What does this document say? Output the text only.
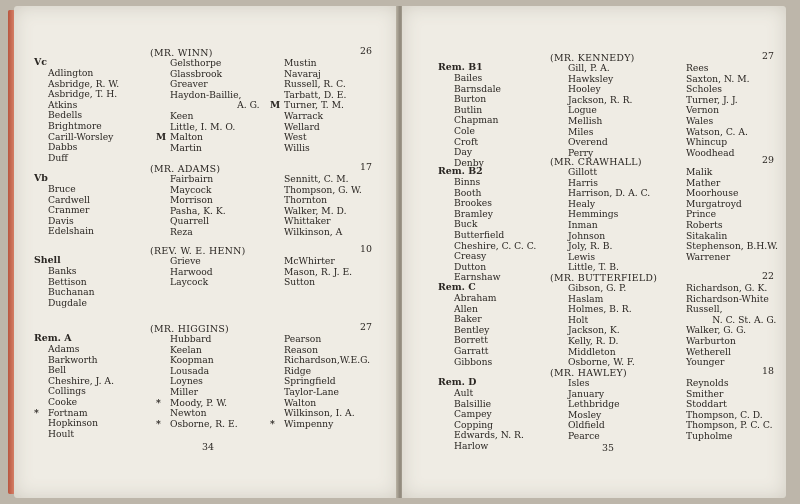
34
Vc
(MR. WINN)	26
Adlington
Asbridge, R. W.
Asbridge, T. H.
Atkins
Bedells
Brightmore
Carill-Worsley
Dabbs
Duff
Gelsthorpe
Glassbrook
Greaver
Haydon-Baillie,
A. G.
Keen
Little, I. M. O.
Malton
M
Martin
Mustin
Navaraj
Russell, R. C.
Tarbatt, D. E.
Turner, T. M.
M
Warrack
Wellard
West
Willis
Vb
(MR. ADAMS)	17
Bruce
Cardwell
Cranmer
Davis
Edelshain
Fairbairn
Maycock
Morrison
Pasha, K. K.
Quarrell
Reza
Sennitt, C. M.
Thompson, G. W.
Thornton
Walker, M. D.
Whittaker
Wilkinson, A
Shell
(REV. W. E. HENN)	10
Banks
Bettison
Buchanan
Dugdale
Grieve
Harwood
Laycock
McWhirter
Mason, R. J. E.
Sutton
Rem. A
(MR. HIGGINS)	27
Adams
Barkworth
Bell
Cheshire, J. A.
Collings
Cooke
Fortnam
*
Hopkinson
Hoult
Hubbard
Keelan
Koopman
Lousada
Loynes
Miller
Moody, P. W.
*
Newton
Osborne, R. E.
*
Pearson
Reason
Richardson,W.E.G.
Ridge
Springfield
Taylor-Lane
Walton
Wilkinson, I. A.
Wimpenny
*
35
Rem. B1
(MR. KENNEDY)	27
Bailes
Barnsdale
Burton
Butlin
Chapman
Cole
Croft
Day
Denby
Gill, P. A.
Hawksley
Hooley
Jackson, R. R.
Logue
Mellish
Miles
Overend
Perry
Rees
Saxton, N. M.
Scholes
Turner, J. J.
Vernon
Wales
Watson, C. A.
Whincup
Woodhead
Rem. B2
(MR. CRAWHALL)	29
Binns
Booth
Brookes
Bramley
Buck
Butterfield
Cheshire, C. C. C.
Creasy
Dutton
Earnshaw
Gillott
Harris
Harrison, D. A. C.
Healy
Hemmings
Inman
Johnson
Joly, R. B.
Lewis
Little, T. B.
Malik
Mather
Moorhouse
Murgatroyd
Prince
Roberts
Sitakalin
Stephenson, B.H.W.
Warrener
Rem. C
(MR. BUTTERFIELD)	22
Abraham
Allen
Baker
Bentley
Borrett
Garratt
Gibbons
Gibson, G. P.
Haslam
Holmes, B. R.
Holt
Jackson, K.
Kelly, R. D.
Middleton
Osborne, W. F.
Richardson, G. K.
Richardson-White
Russell,
N. C. St. A. G.
Walker, G. G.
Warburton
Wetherell
Younger
Rem. D
(MR. HAWLEY)	18
Ault
Balsillie
Campey
Copping
Edwards, N. R.
Harlow
Isles
January
Lethbridge
Mosley
Oldfield
Pearce
Reynolds
Smither
Stoddart
Thompson, C. D.
Thompson, P. C. C.
Tupholme
